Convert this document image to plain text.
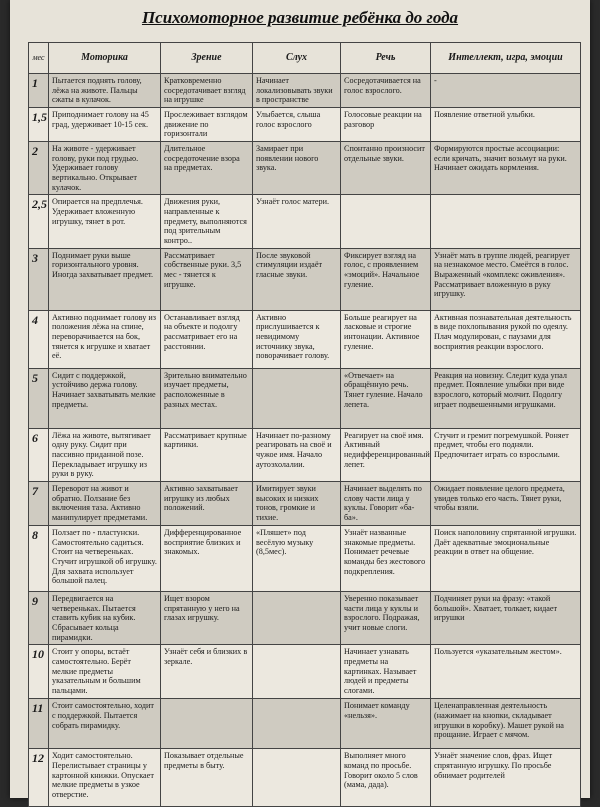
Психомоторное развитие ребёнка до года
мес	Моторика	Зрение	Слух	Речь	Интеллект, игра, эмоции
1	Пытается поднять голову, лёжа на животе. Пальцы сжаты в кулачок.	Кратковременно сосредотачивает взгляд на игрушке	Начинает локализовывать звуки в пространстве	Сосредотачивается на голос взрослого.	-
1,5	Приподнимает голову на 45 град, удерживает 10-15 сек.	Прослеживает взглядом движение по горизонтали	Улыбается, слыша голос взрослого	Голосовые реакции на разговор	Появление ответной улыбки.
2	На животе - удерживает голову, руки под грудью. Удерживает голову вертикально. Открывает кулачок.	Длительное сосредоточение взора на предметах.	Замирает при появлении нового звука.	Спонтанно произносит отдельные звуки.	Формируются простые ассоциации: если кричать, значит возьмут на руки. Начинает ожидать кормления.
2,5	Опирается на предплечья. Удерживает вложенную игрушку, тянет в рот.	Движения руки, направленные к предмету, выполняются под зрительным контро..	Узнаёт голос матери.		
3	Поднимает руки выше горизонтального уровня. Иногда захватывает предмет.	Рассматривает собственные руки. 3,5 мес - тянется к игрушке.	После звуковой стимуляции издаёт гласные звуки.	Фиксирует взгляд на голос, с проявлением «эмоций». Начальное гуление.	Узнаёт мать в группе людей, реагирует на незнакомое место. Смеётся в голос. Выраженный «комплекс оживления». Рассматривает вложенную в руку игрушку.
4	Активно поднимает голову из положения лёжа на спине, переворачивается на бок, тянется к игрушке и хватает её.	Останавливает взгляд на объекте и подолгу рассматривает его на расстоянии.	Активно прислушивается к невидимому источнику звука, поворачивает голову.	Больше реагирует на ласковые и строгие интонации. Активное гуление.	Активная познавательная деятельность в виде похлопывания рукой по одеялу. Плач модулирован, с паузами для восприятия реакции взрослого.
5	Сидит с поддержкой, устойчиво держа голову. Начинает захватывать мелкие предметы.	Зрительно внимательно изучает предметы, расположенные в разных местах.		«Отвечает» на обращённую речь. Тянет гуление. Начало лепета.	Реакция на новизну. Следит куда упал предмет. Появление улыбки при виде взрослого, который молчит. Подолгу играет подвешенными игрушками.
6	Лёжа на животе, вытягивает одну руку. Сидит при пассивно приданной позе. Перекладывает игрушку из руки в руку.	Рассматривает крупные картинки.	Начинает по-разному реагировать на своё и чужое имя. Начало аутоэхолалии.	Реагирует на своё имя. Активный недифференцированный лепет.	Стучит и гремит погремушкой. Роняет предмет, чтобы его подняли. Предпочитает играть со взрослыми.
7	Переворот на живот и обратно. Ползание без включения таза. Активно манипулирует предметами.	Активно захватывает игрушку из любых положений.	Имитирует звуки высоких и низких тонов, громкие и тихие.	Начинает выделять по слову части лица у куклы. Говорит «ба-ба».	Ожидает появление целого предмета, увидев только его часть. Тянет руки, чтобы взяли.
8	Ползает по - пластунски. Самостоятельно садиться. Стоит на четвереньках. Стучит игрушкой об игрушку. Для захвата использует большой палец.	Дифференцированное восприятие близких и знакомых.	«Пляшет» под весёлую музыку (8,5мес).	Узнаёт названные знакомые предметы. Понимает речевые команды без жестового подкрепления.	Поиск наполовину спрятанной игрушки. Даёт адекватные эмоциональные реакции в ответ на общение.
9	Передвигается на четвереньках. Пытается ставить кубик на кубик. Сбрасывает кольца пирамидки.	Ищет взором спрятанную у него на глазах игрушку.		Уверенно показывает части лица у куклы и взрослого. Подражая, учит новые слоги.	Подчиняет руки на фразу: «такой большой». Хватает, толкает, кидает игрушки
10	Стоит у опоры, встаёт самостоятельно. Берёт мелкие предметы указательным и большим пальцами.	Узнаёт себя и близких в зеркале.		Начинает узнавать предметы на картинках. Называет людей и предметы слогами.	Пользуется «указательным жестом».
11	Стоит самостоятельно, ходит с поддержкой. Пытается собрать пирамидку.			Понимает команду «нельзя».	Целенаправленная деятельность (нажимает на кнопки, складывает игрушки в коробку). Машет рукой на прощание. Играет с мячом.
12	Ходит самостоятельно. Перелистывает страницы у картонной книжки. Опускает мелкие предметы в узкое отверстие.	Показывает отдельные предметы в быту.		Выполняет много команд по просьбе. Говорит около 5 слов (мама, дада).	Узнаёт значение слов, фраз. Ищет спрятанную игрушку. По просьбе обнимает родителей
